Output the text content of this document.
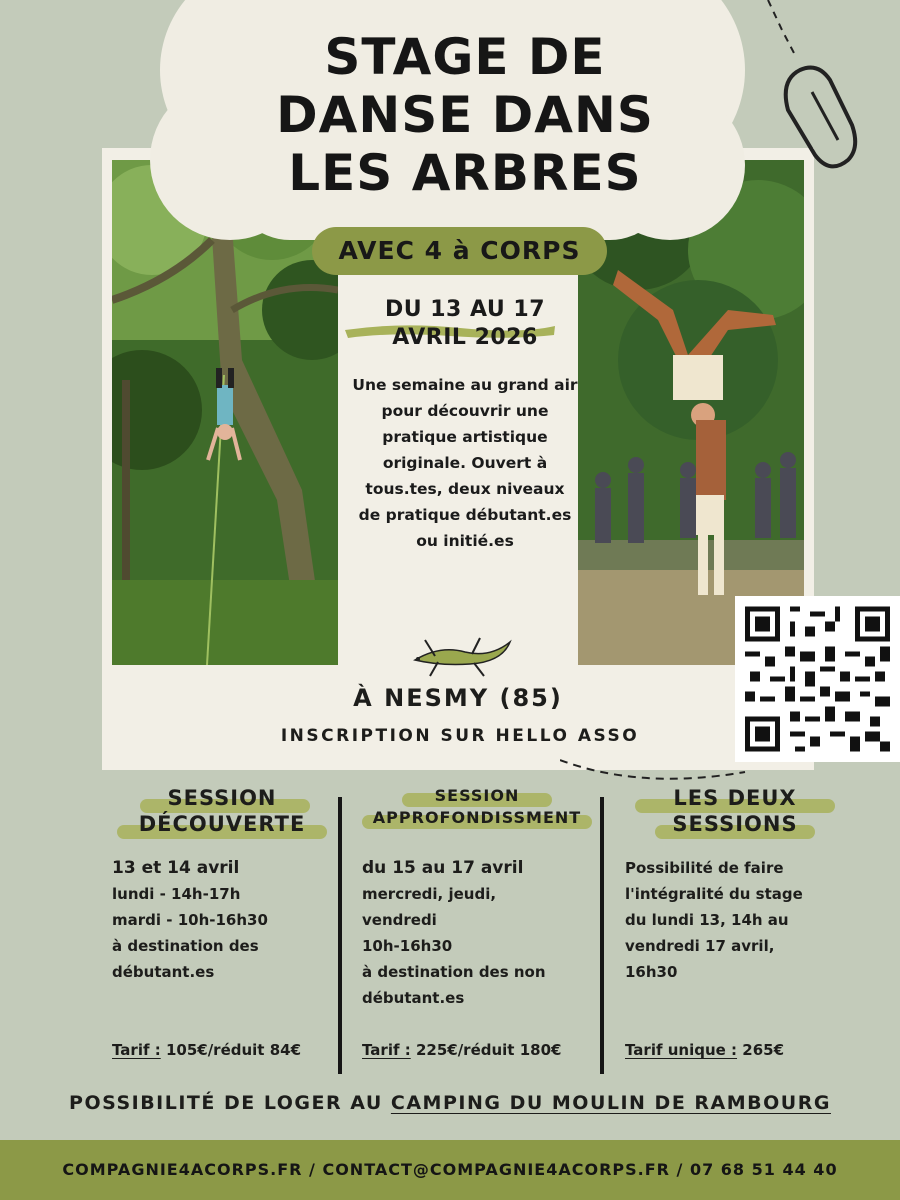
STAGE DE
DANSE DANS
LES ARBRES
AVEC 4 à CORPS
DU 13 AU 17
AVRIL 2026
Une semaine au grand air pour découvrir une pratique artistique originale. Ouvert à tous.tes, deux niveaux de pratique débutant.es ou initié.es
À NESMY (85)
INSCRIPTION SUR HELLO ASSO
SESSION
DÉCOUVERTE
13 et 14 avril
lundi - 14h-17h
mardi - 10h-16h30
à destination des
débutant.es
SESSION
APPROFONDISSMENT
du 15 au 17 avril
mercredi, jeudi,
vendredi
10h-16h30
à destination des non
débutant.es
LES DEUX
SESSIONS
Possibilité de faire
l'intégralité du stage
du lundi 13, 14h au
vendredi 17 avril,
16h30
Tarif : 105€/réduit 84€	Tarif : 225€/réduit 180€	Tarif unique : 265€
POSSIBILITÉ DE LOGER AU CAMPING DU MOULIN DE RAMBOURG
COMPAGNIE4ACORPS.FR / CONTACT@COMPAGNIE4ACORPS.FR / 07 68 51 44 40
